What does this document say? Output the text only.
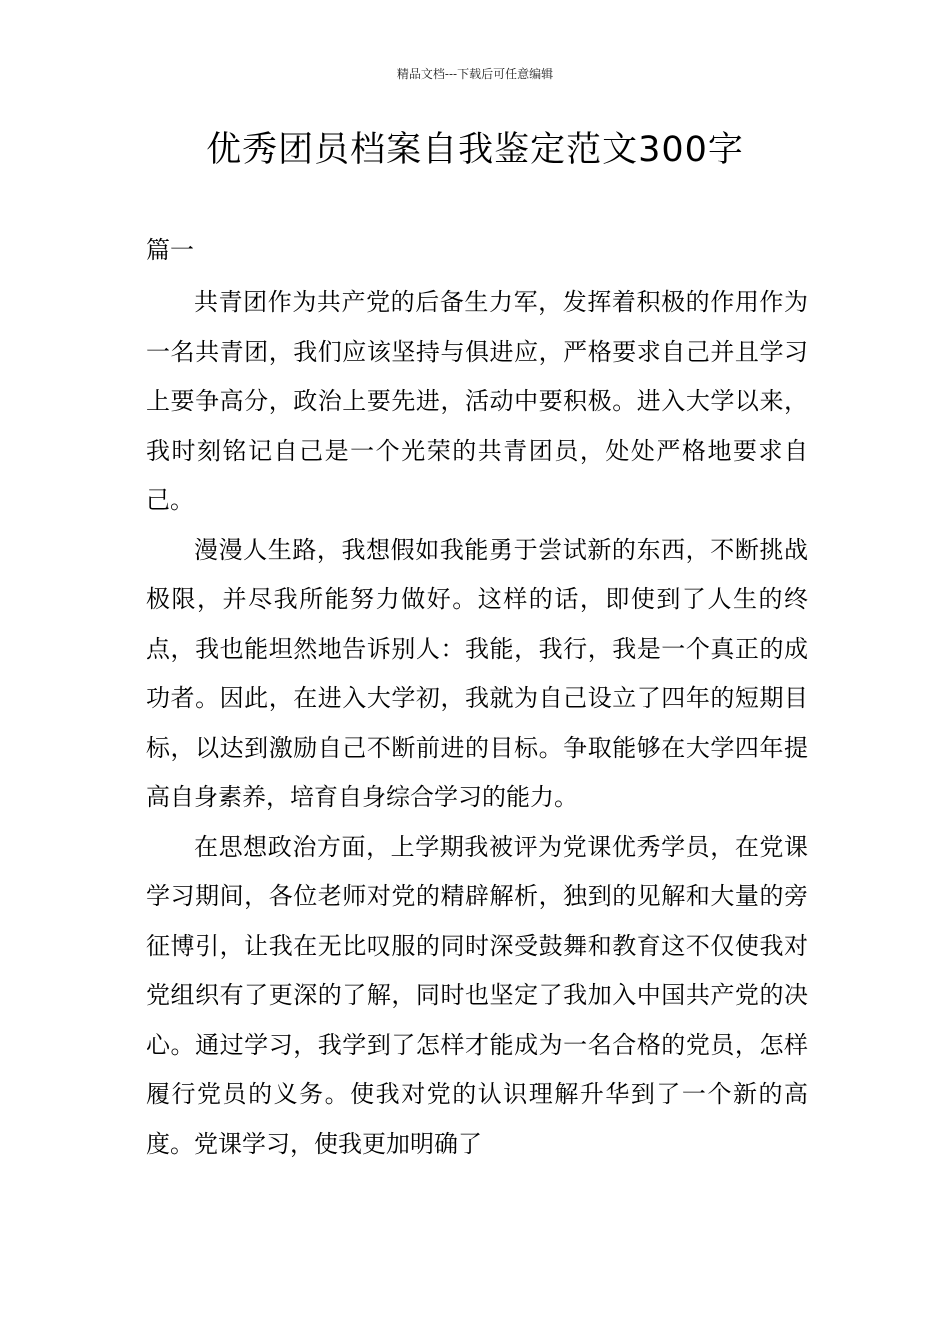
精品文档---下载后可任意编辑
优秀团员档案自我鉴定范文300字
篇一

共青团作为共产党的后备生力军，发挥着积极的作用作为一名共青团，我们应该坚持与俱进应，严格要求自己并且学习上要争高分，政治上要先进，活动中要积极。进入大学以来，我时刻铭记自己是一个光荣的共青团员，处处严格地要求自己。

漫漫人生路，我想假如我能勇于尝试新的东西，不断挑战极限，并尽我所能努力做好。这样的话，即使到了人生的终点，我也能坦然地告诉别人：我能，我行，我是一个真正的成功者。因此，在进入大学初，我就为自己设立了四年的短期目标，以达到激励自己不断前进的目标。争取能够在大学四年提高自身素养，培育自身综合学习的能力。

在思想政治方面，上学期我被评为党课优秀学员，在党课学习期间，各位老师对党的精辟解析，独到的见解和大量的旁征博引，让我在无比叹服的同时深受鼓舞和教育这不仅使我对党组织有了更深的了解，同时也坚定了我加入中国共产党的决心。通过学习，我学到了怎样才能成为一名合格的党员，怎样履行党员的义务。使我对党的认识理解升华到了一个新的高度。党课学习，使我更加明确了
